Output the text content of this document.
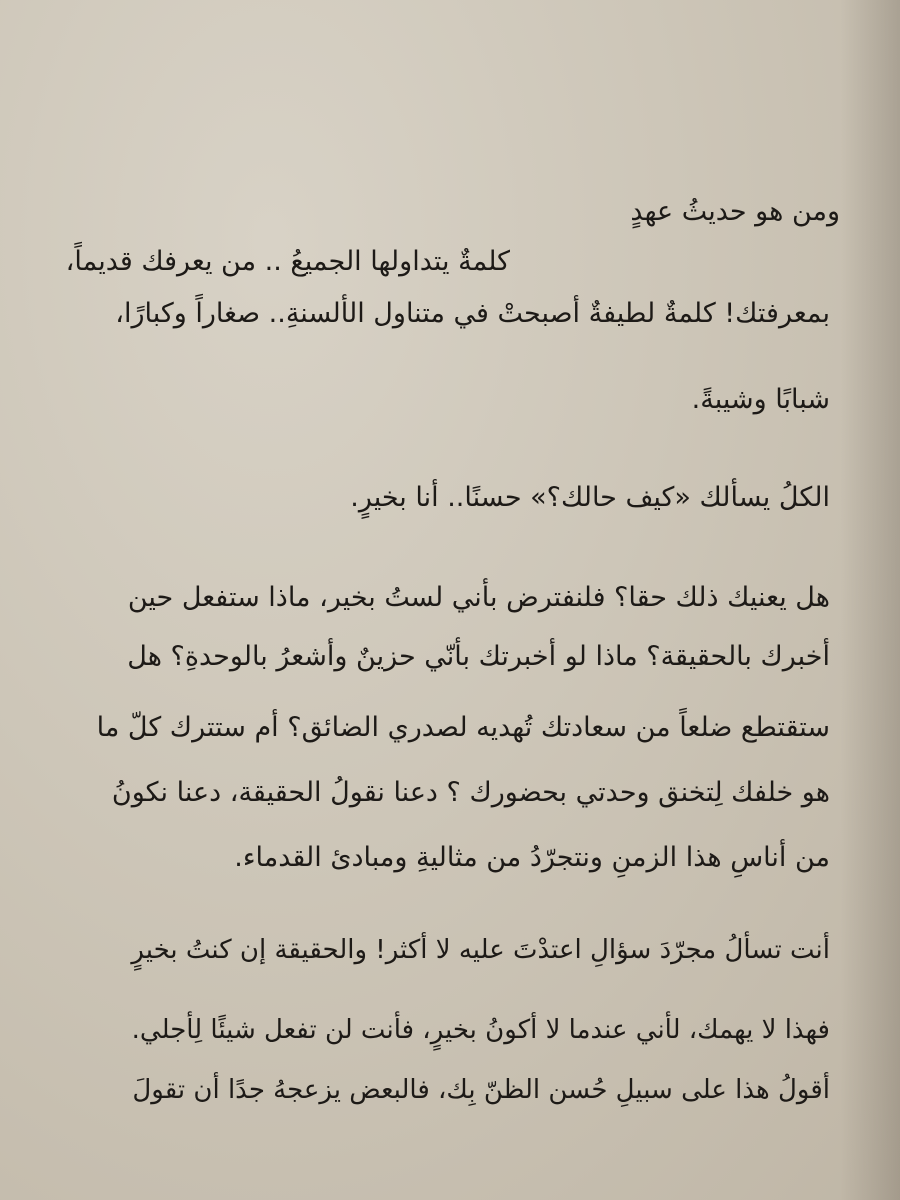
ومن هو حديثُ عهدٍ
كلمةٌ يتداولها الجميعُ .. من يعرفك قديماً،
بمعرفتك! كلمةٌ لطيفةٌ أصبحتْ في متناول الألسنةِ.. صغاراً وكبارًا،
شبابًا وشيبةً.
الكلُ يسألك «كيف حالك؟» حسنًا.. أنا بخيرٍ.
هل يعنيك ذلك حقا؟ فلنفترض بأني لستُ بخير، ماذا ستفعل حين
أخبرك بالحقيقة؟ ماذا لو أخبرتك بأنّي حزينٌ وأشعرُ بالوحدةِ؟ هل
ستقتطع ضلعاً من سعادتك تُهديه لصدري الضائق؟ أم ستترك كلّ ما
هو خلفك لِتخنق وحدتي بحضورك ؟ دعنا نقولُ الحقيقة، دعنا نكونُ
من أناسِ هذا الزمنِ ونتجرّدُ من مثاليةِ ومبادئ القدماء.
أنت تسألُ مجرّدَ سؤالِ اعتدْتَ عليه لا أكثر! والحقيقة إن كنتُ بخيرٍ
فهذا لا يهمك، لأني عندما لا أكونُ بخيرٍ، فأنت لن تفعل شيئًا لِأجلي.
أقولُ هذا على سبيلِ حُسن الظنّ بِك، فالبعض يزعجهُ جدًا أن تقولَ
